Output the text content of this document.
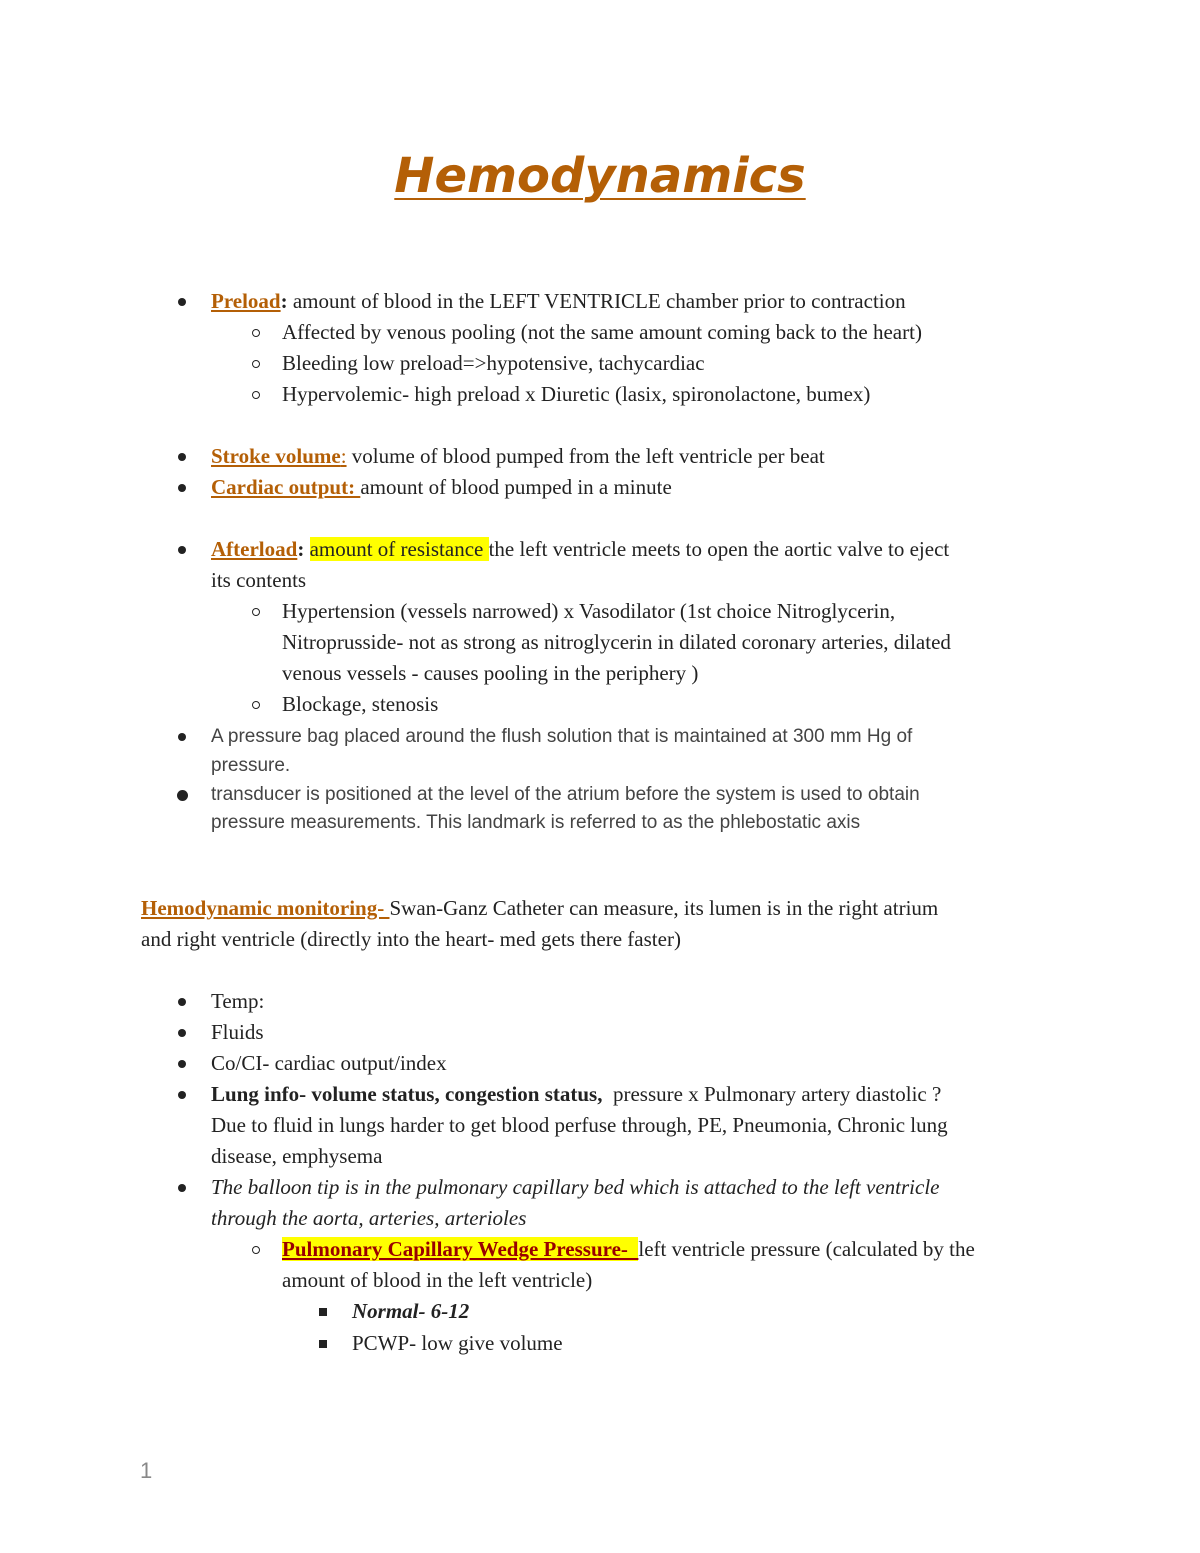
Hemodynamics
Preload: amount of blood in the LEFT VENTRICLE chamber prior to contraction
Affected by venous pooling (not the same amount coming back to the heart)
Bleeding low preload=>hypotensive, tachycardiac
Hypervolemic- high preload x Diuretic (lasix, spironolactone, bumex)
Stroke volume: volume of blood pumped from the left ventricle per beat
Cardiac output: amount of blood pumped in a minute
Afterload: amount of resistance the left ventricle meets to open the aortic valve to eject
its contents
Hypertension (vessels narrowed) x Vasodilator (1st choice Nitroglycerin,
Nitroprusside- not as strong as nitroglycerin in dilated coronary arteries, dilated
venous vessels - causes pooling in the periphery )
Blockage, stenosis
A pressure bag placed around the flush solution that is maintained at 300 mm Hg of
pressure.
transducer is positioned at the level of the atrium before the system is used to obtain
pressure measurements. This landmark is referred to as the phlebostatic axis
Hemodynamic monitoring- Swan-Ganz Catheter can measure, its lumen is in the right atrium
and right ventricle (directly into the heart- med gets there faster)
Temp:
Fluids
Co/CI- cardiac output/index
Lung info- volume status, congestion status,  pressure x Pulmonary artery diastolic ?
Due to fluid in lungs harder to get blood perfuse through, PE, Pneumonia, Chronic lung
disease, emphysema
The balloon tip is in the pulmonary capillary bed which is attached to the left ventricle
through the aorta, arteries, arterioles
Pulmonary Capillary Wedge Pressure-  left ventricle pressure (calculated by the
amount of blood in the left ventricle)
Normal- 6-12
PCWP- low give volume
1
